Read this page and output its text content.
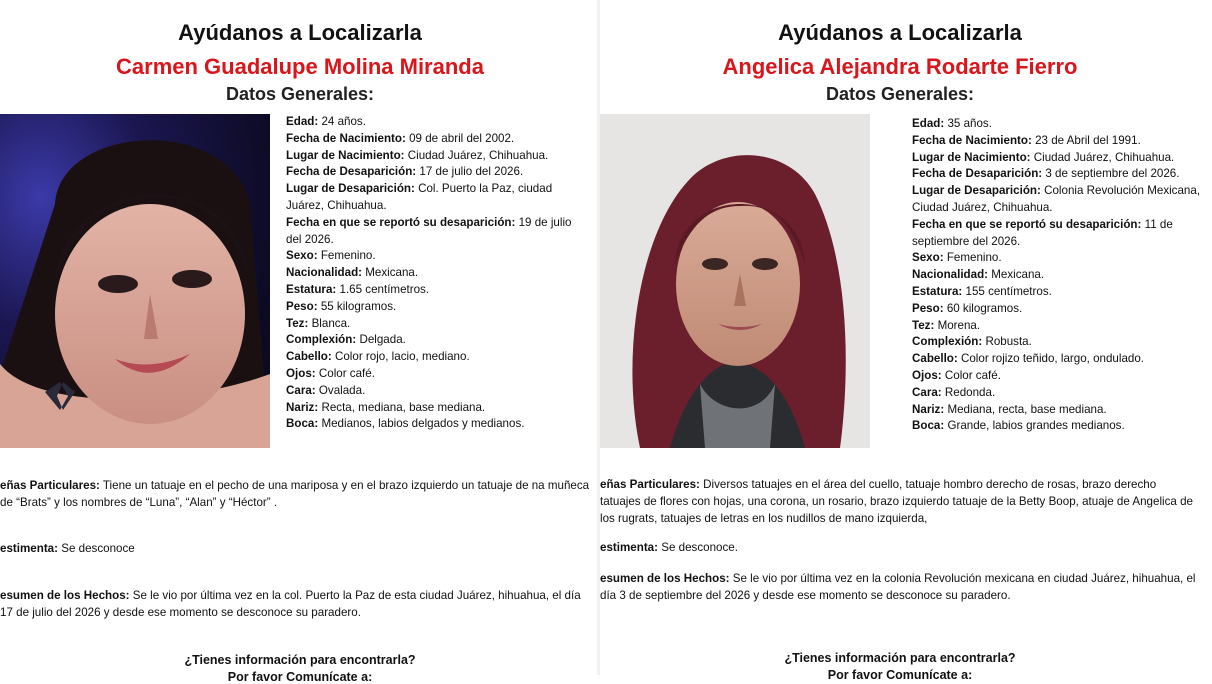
Ayúdanos a Localizarla
Carmen Guadalupe Molina Miranda
Datos Generales:
Edad: 24 años.
Fecha de Nacimiento: 09 de abril del 2002.
Lugar de Nacimiento: Ciudad Juárez, Chihuahua.
Fecha de Desaparición: 17 de julio del 2026.
Lugar de Desaparición: Col. Puerto la Paz, ciudad Juárez, Chihuahua.
Fecha en que se reportó su desaparición: 19 de julio del 2026.
Sexo: Femenino.
Nacionalidad: Mexicana.
Estatura: 1.65 centímetros.
Peso: 55 kilogramos.
Tez: Blanca.
Complexión: Delgada.
Cabello: Color rojo, lacio, mediano.
Ojos: Color café.
Cara: Ovalada.
Nariz: Recta, mediana, base mediana.
Boca: Medianos, labios delgados y medianos.
eñas Particulares: Tiene un tatuaje en el pecho de una mariposa y en el brazo izquierdo un tatuaje de na muñeca de “Brats” y los nombres de “Luna”, “Alan” y “Héctor” .
estimenta: Se desconoce
esumen de los Hechos: Se le vio por última vez en la col. Puerto la Paz de esta ciudad Juárez, hihuahua, el día 17 de julio del 2026 y desde ese momento se desconoce su paradero.
¿Tienes información para encontrarla?
Por favor Comunícate a:
Ayúdanos a Localizarla
Angelica Alejandra Rodarte Fierro
Datos Generales:
Edad: 35 años.
Fecha de Nacimiento: 23 de Abril del 1991.
Lugar de Nacimiento: Ciudad Juárez, Chihuahua.
Fecha de Desaparición: 3 de septiembre del 2026.
Lugar de Desaparición: Colonia Revolución Mexicana, Ciudad Juárez, Chihuahua.
Fecha en que se reportó su desaparición: 11 de septiembre del 2026.
Sexo: Femenino.
Nacionalidad: Mexicana.
Estatura: 155 centímetros.
Peso: 60 kilogramos.
Tez: Morena.
Complexión: Robusta.
Cabello: Color rojizo teñido, largo, ondulado.
Ojos: Color café.
Cara: Redonda.
Nariz: Mediana, recta, base mediana.
Boca: Grande, labios grandes medianos.
eñas Particulares: Diversos tatuajes en el área del cuello, tatuaje hombro derecho de rosas, brazo derecho tatuajes de flores con hojas, una corona, un rosario, brazo izquierdo tatuaje de la Betty Boop, atuaje de Angelica de los rugrats, tatuajes de letras en los nudillos de mano izquierda,
estimenta: Se desconoce.
esumen de los Hechos: Se le vio por última vez en la colonia Revolución mexicana en ciudad Juárez, hihuahua, el día 3 de septiembre del 2026 y desde ese momento se desconoce su paradero.
¿Tienes información para encontrarla?
Por favor Comunícate a:
